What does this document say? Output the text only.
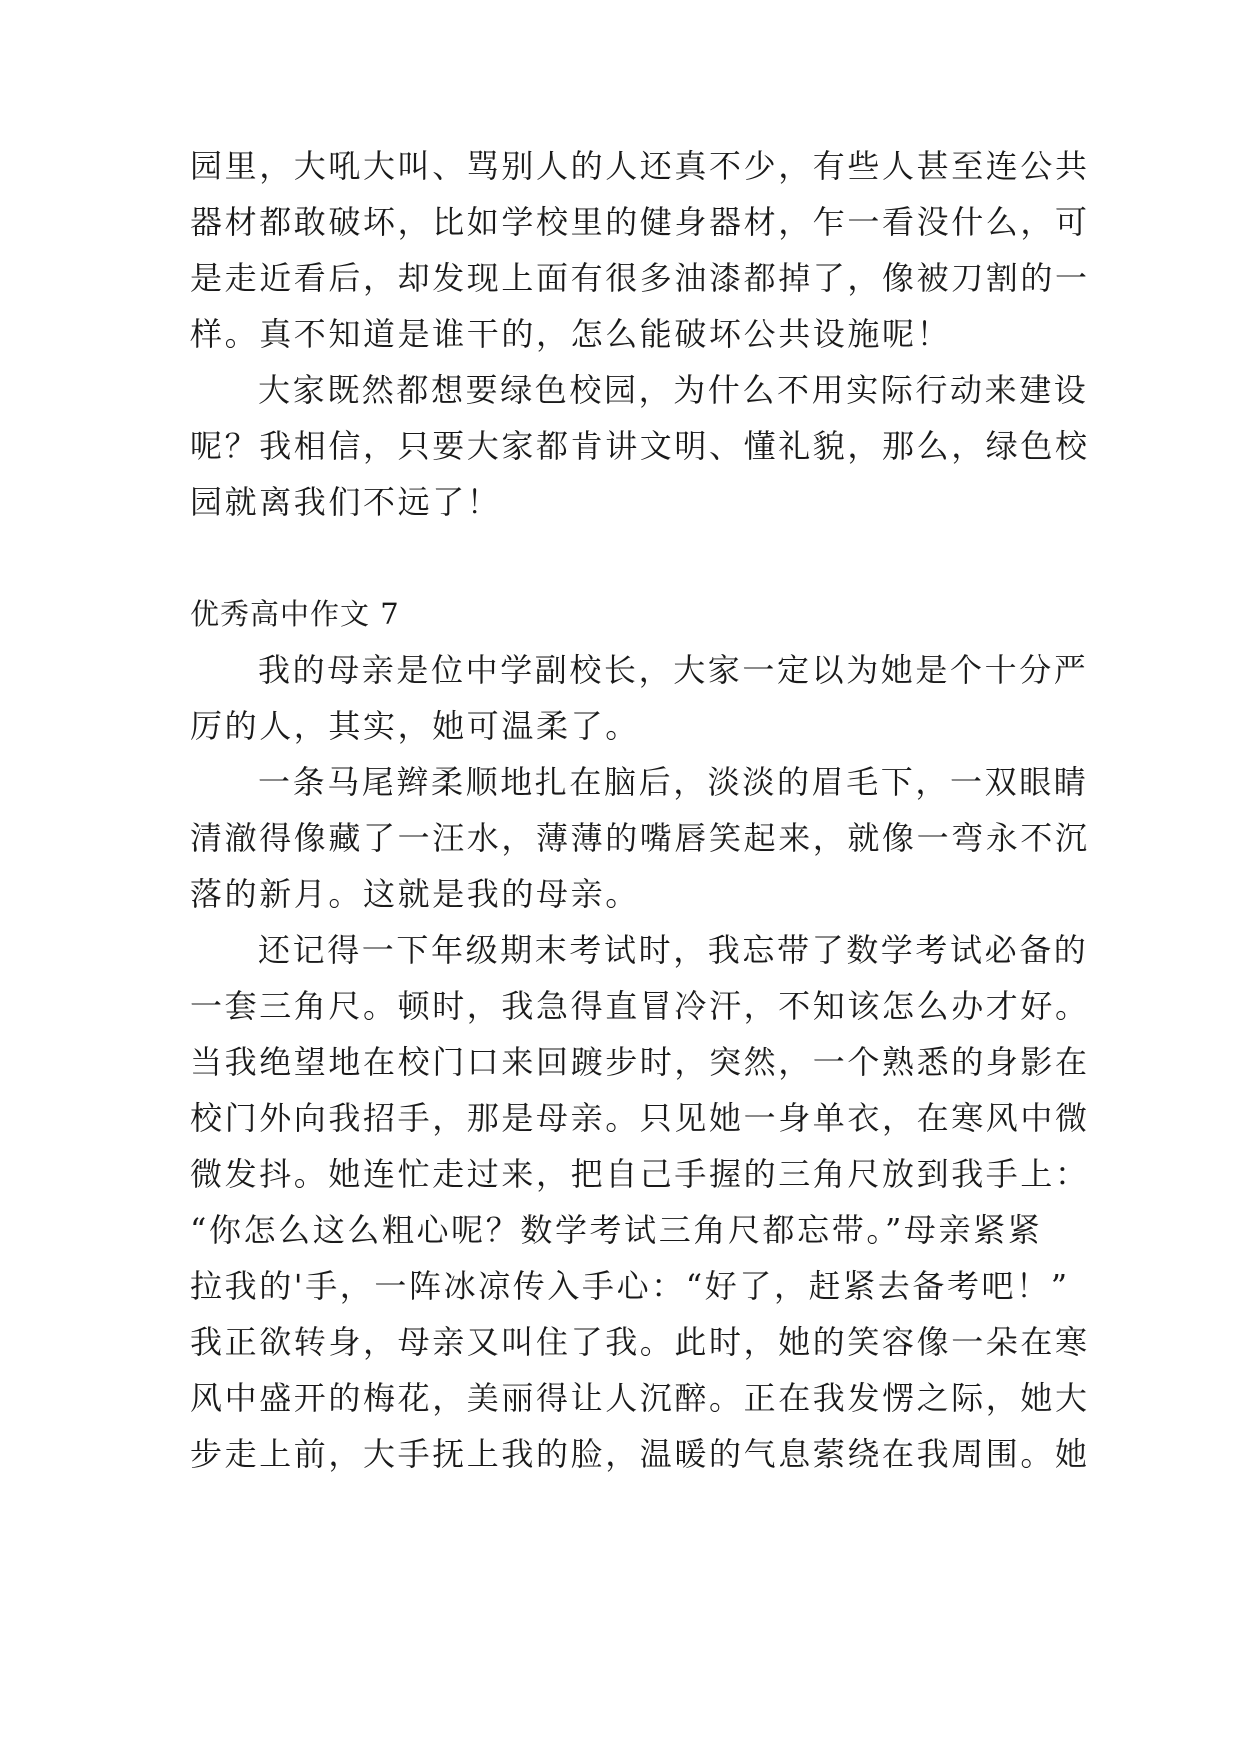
园里，大吼大叫、骂别人的人还真不少，有些人甚至连公共
器材都敢破坏，比如学校里的健身器材，乍一看没什么，可
是走近看后，却发现上面有很多油漆都掉了，像被刀割的一
样。真不知道是谁干的，怎么能破坏公共设施呢！
大家既然都想要绿色校园，为什么不用实际行动来建设
呢？我相信，只要大家都肯讲文明、懂礼貌，那么，绿色校
园就离我们不远了！
优秀高中作文 7
我的母亲是位中学副校长，大家一定以为她是个十分严
厉的人，其实，她可温柔了。
一条马尾辫柔顺地扎在脑后，淡淡的眉毛下，一双眼睛
清澈得像藏了一汪水，薄薄的嘴唇笑起来，就像一弯永不沉
落的新月。这就是我的母亲。
还记得一下年级期末考试时，我忘带了数学考试必备的
一套三角尺。顿时，我急得直冒冷汗，不知该怎么办才好。
当我绝望地在校门口来回踱步时，突然，一个熟悉的身影在
校门外向我招手，那是母亲。只见她一身单衣，在寒风中微
微发抖。她连忙走过来，把自己手握的三角尺放到我手上：
“你怎么这么粗心呢？数学考试三角尺都忘带。”母亲紧紧
拉我的'手，一阵冰凉传入手心：“好了，赶紧去备考吧！”
我正欲转身，母亲又叫住了我。此时，她的笑容像一朵在寒
风中盛开的梅花，美丽得让人沉醉。正在我发愣之际，她大
步走上前，大手抚上我的脸，温暖的气息萦绕在我周围。她
